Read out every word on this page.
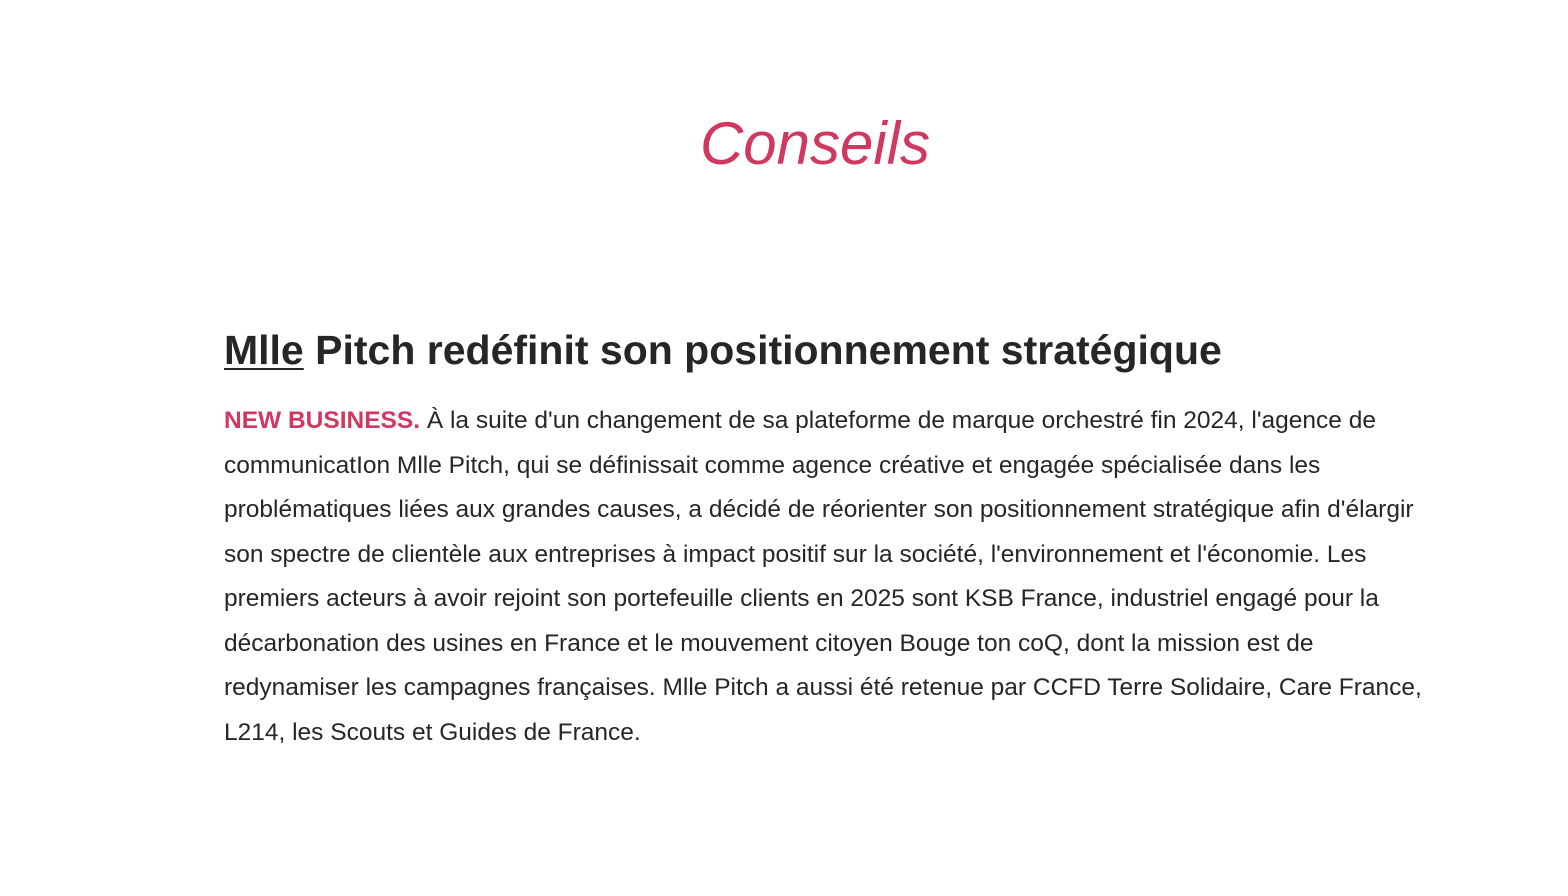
Conseils
Mlle Pitch redéfinit son positionnement stratégique

NEW BUSINESS. À la suite d'un changement de sa plateforme de marque orchestré fin 2024, l'agence de communicatIon Mlle Pitch, qui se définissait comme agence créative et engagée spécialisée dans les problématiques liées aux grandes causes, a décidé de réorienter son positionnement stratégique afin d'élargir son spectre de clientèle aux entreprises à impact positif sur la société, l'environnement et l'économie. Les premiers acteurs à avoir rejoint son portefeuille clients en 2025 sont KSB France, industriel engagé pour la décarbonation des usines en France et le mouvement citoyen Bouge ton coQ, dont la mission est de redynamiser les campagnes françaises. Mlle Pitch a aussi été retenue par CCFD Terre Solidaire, Care France, L214, les Scouts et Guides de France.
